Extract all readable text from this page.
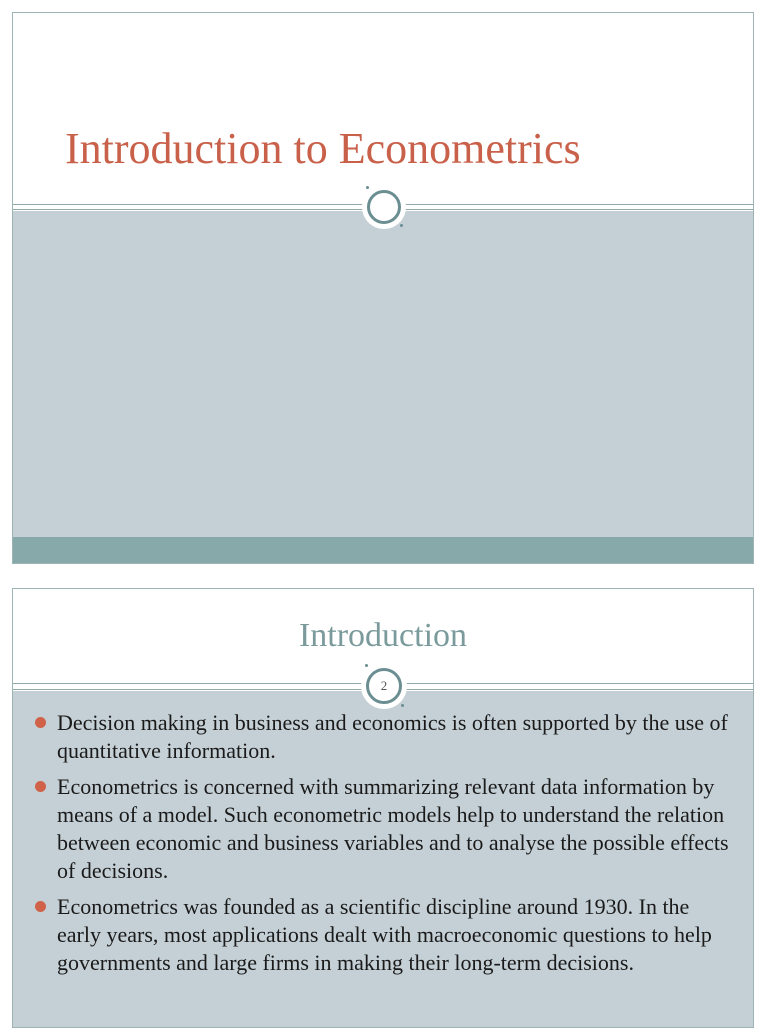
Introduction to Econometrics
Introduction
2
Decision making in business and economics is often supported by the use of quantitative information.
Econometrics is concerned with summarizing relevant data information by means of a model. Such econometric models help to understand the relation between economic and business variables and to analyse the possible effects of decisions.
Econometrics was founded as a scientific discipline around 1930. In the early years, most applications dealt with macroeconomic questions to help governments and large firms in making their long-term decisions.
